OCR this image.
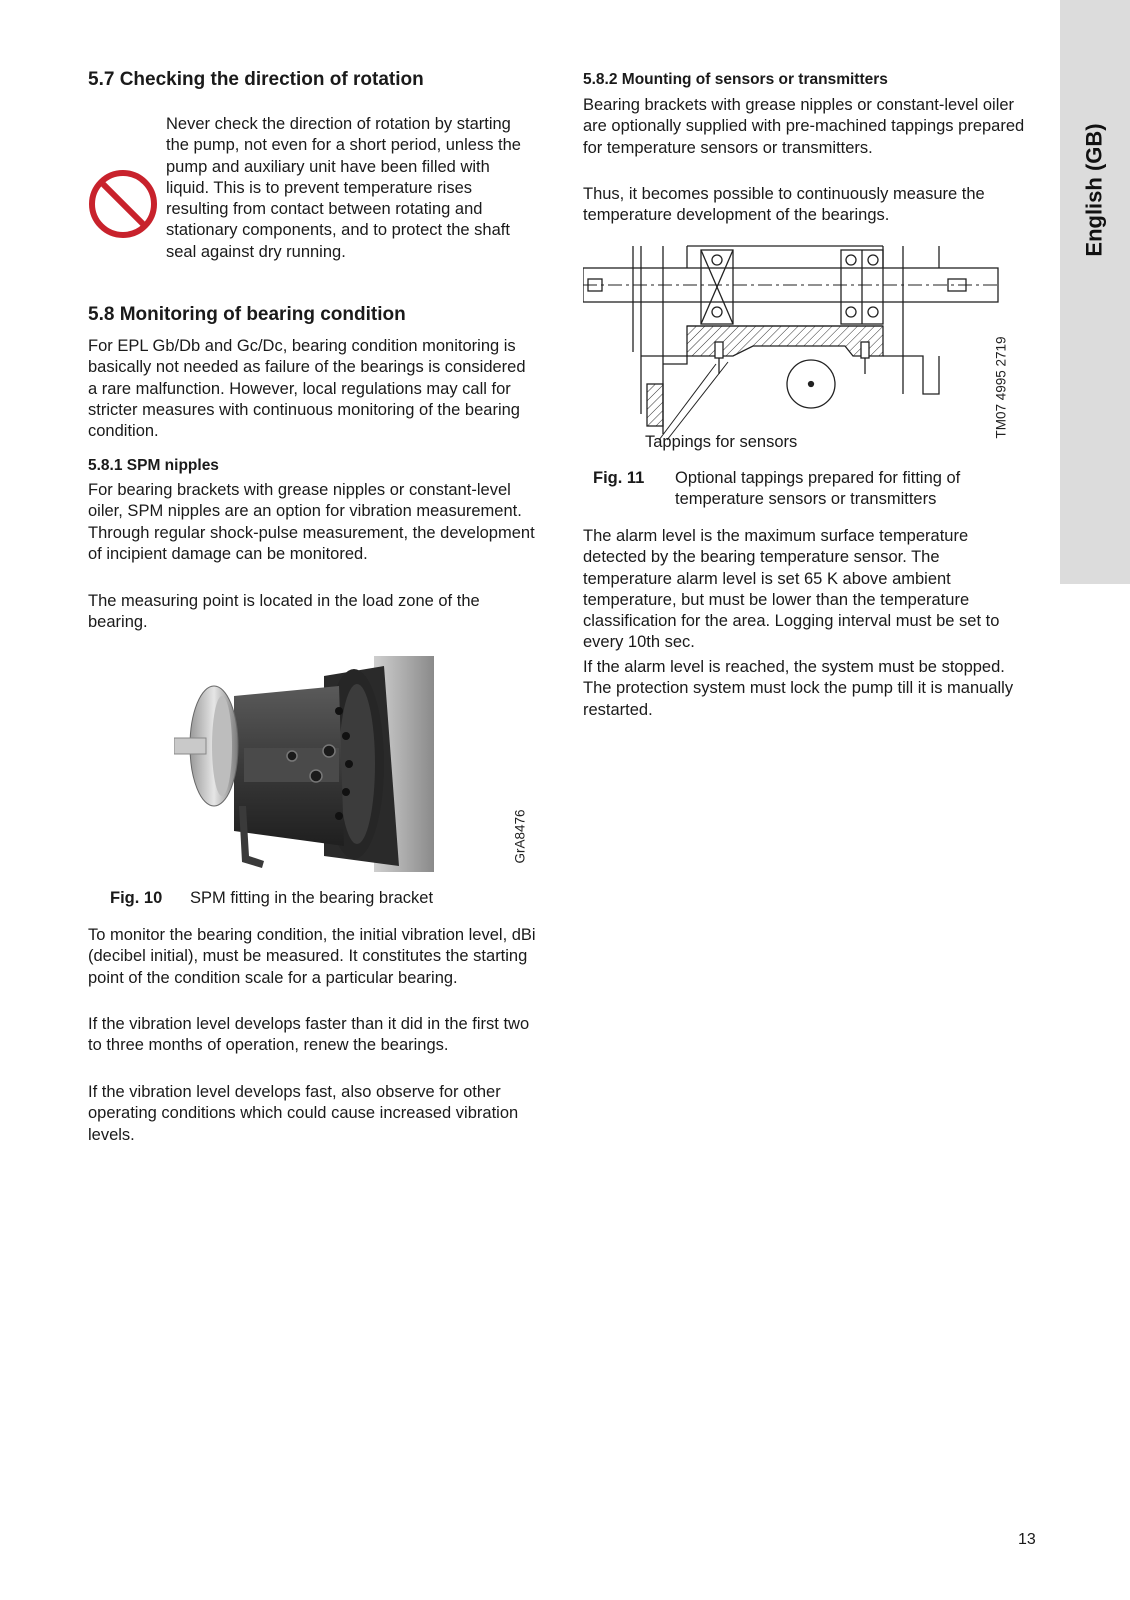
English (GB)
5.7 Checking the direction of rotation

Never check the direction of rotation by starting the pump, not even for a short period, unless the pump and auxiliary unit have been filled with liquid. This is to prevent temperature rises resulting from contact between rotating and stationary components, and to protect the shaft seal against dry running.

5.8 Monitoring of bearing condition

For EPL Gb/Db and Gc/Dc, bearing condition monitoring is basically not needed as failure of the bearings is considered a rare malfunction. However, local regulations may call for stricter measures with continuous monitoring of the bearing condition.

5.8.1 SPM nipples

For bearing brackets with grease nipples or constant-level oiler, SPM nipples are an option for vibration measurement. Through regular shock-pulse measurement, the development of incipient damage can be monitored.

The measuring point is located in the load zone of the bearing.

GrA8476
Fig. 10 SPM fitting in the bearing bracket

To monitor the bearing condition, the initial vibration level, dBi (decibel initial), must be measured. It constitutes the starting point of the condition scale for a particular bearing.

If the vibration level develops faster than it did in the first two to three months of operation, renew the bearings.

If the vibration level develops fast, also observe for other operating conditions which could cause increased vibration levels.

5.8.2 Mounting of sensors or transmitters

Bearing brackets with grease nipples or constant-level oiler are optionally supplied with pre-machined tappings prepared for temperature sensors or transmitters.

Thus, it becomes possible to continuously measure the temperature development of the bearings.

Tappings for sensors
TM07 4995 2719
Fig. 11 Optional tappings prepared for fitting of temperature sensors or transmitters

The alarm level is the maximum surface temperature detected by the bearing temperature sensor. The temperature alarm level is set 65 K above ambient temperature, but must be lower than the temperature classification for the area. Logging interval must be set to every 10th sec.

If the alarm level is reached, the system must be stopped. The protection system must lock the pump till it is manually restarted.

13
